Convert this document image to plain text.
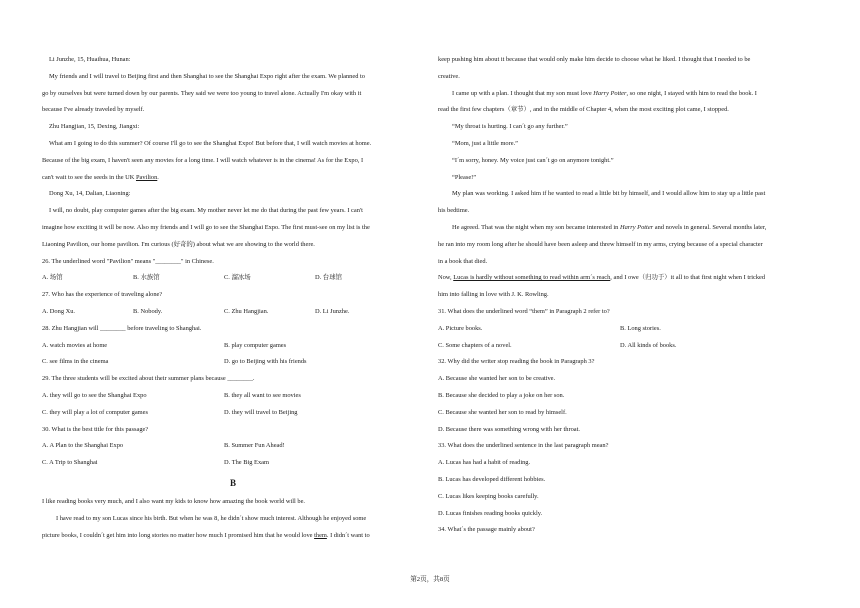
Li Junzhe, 15, Huaihua, Hunan:
My friends and I will travel to Beijing first and then Shanghai to see the Shanghai Expo right after the exam. We planned to
go by ourselves but were turned down by our parents. They said we were too young to travel alone. Actually I'm okay with it
because I've already traveled by myself.
Zhu Hangjian, 15, Dexing, Jiangxi:
What am I going to do this summer? Of course I'll go to see the Shanghai Expo! But before that, I will watch movies at home.
Because of the big exam, I haven't seen any movies for a long time. I will watch whatever is in the cinema! As for the Expo, I
can't wait to see the seeds in the UK Pavilion.
Dong Xu, 14, Dalian, Liaoning:
I will, no doubt, play computer games after the big exam. My mother never let me do that during the past few years. I can't
imagine how exciting it will be now. Also my friends and I will go to see the Shanghai Expo. The first must-see on my list is the
Liaoning Pavilion, our home pavilion. I'm curious (好奇的) about what we are showing to the world there.
26. The underlined word "Pavilion" means "________" in Chinese.
A. 场馆	B. 水族馆	C. 溜冰场	D. 台球馆
27. Who has the experience of traveling alone?
A. Dong Xu.	B. Nobody.	C. Zhu Hangjian.	D. Li Junzhe.
28. Zhu Hangjian will ________ before traveling to Shanghai.
A. watch movies at home	B. play computer games
C. see films in the cinema	D. go to Beijing with his friends
29. The three students will be excited about their summer plans because ________.
A. they will go to see the Shanghai Expo	B. they all want to see movies
C. they will play a lot of computer games	D. they will travel to Beijing
30. What is the best title for this passage?
A. A Plan to the Shanghai Expo	B. Summer Fun Ahead!
C. A Trip to Shanghai	D. The Big Exam
B
I like reading books very much, and I also want my kids to know how amazing the book world will be.
I have read to my son Lucas since his birth. But when he was 8, he didn´t show much interest. Although he enjoyed some
picture books, I couldn´t get him into long stories no matter how much I promised him that he would love them. I didn´t want to
keep pushing him about it because that would only make him decide to choose what he liked. I thought that I needed to be
creative.
I came up with a plan. I thought that my son must love Harry Potter, so one night, I stayed with him to read the book. I
read the first few chapters（章节）, and in the middle of Chapter 4, when the most exciting plot came, I stopped.
“My throat is hurting. I can´t go any further.”
“Mom, just a little more.”
“I´m sorry, honey. My voice just can´t go on anymore tonight.”
“Please!”
My plan was working. I asked him if he wanted to read a little bit by himself, and I would allow him to stay up a little past
his bedtime.
He agreed. That was the night when my son became interested in Harry Potter and novels in general. Several months later,
he ran into my room long after he should have been asleep and threw himself in my arms, crying because of a special character
in a book that died.
Now, Lucas is hardly without something to read within arm´s reach, and I owe（归功于）it all to that first night when I tricked
him into falling in love with J. K. Rowling.
31. What does the underlined word “them” in Paragraph 2 refer to?
A. Picture books.	B. Long stories.
C. Some chapters of a novel.	D. All kinds of books.
32. Why did the writer stop reading the book in Paragraph 3?
A. Because she wanted her son to be creative.
B. Because she decided to play a joke on her son.
C. Because she wanted her son to read by himself.
D. Because there was something wrong with her throat.
33. What does the underlined sentence in the last paragraph mean?
A. Lucas has had a habit of reading.
B. Lucas has developed different hobbies.
C. Lucas likes keeping books carefully.
D. Lucas finishes reading books quickly.
34. What´s the passage mainly about?
第2页，共8页
